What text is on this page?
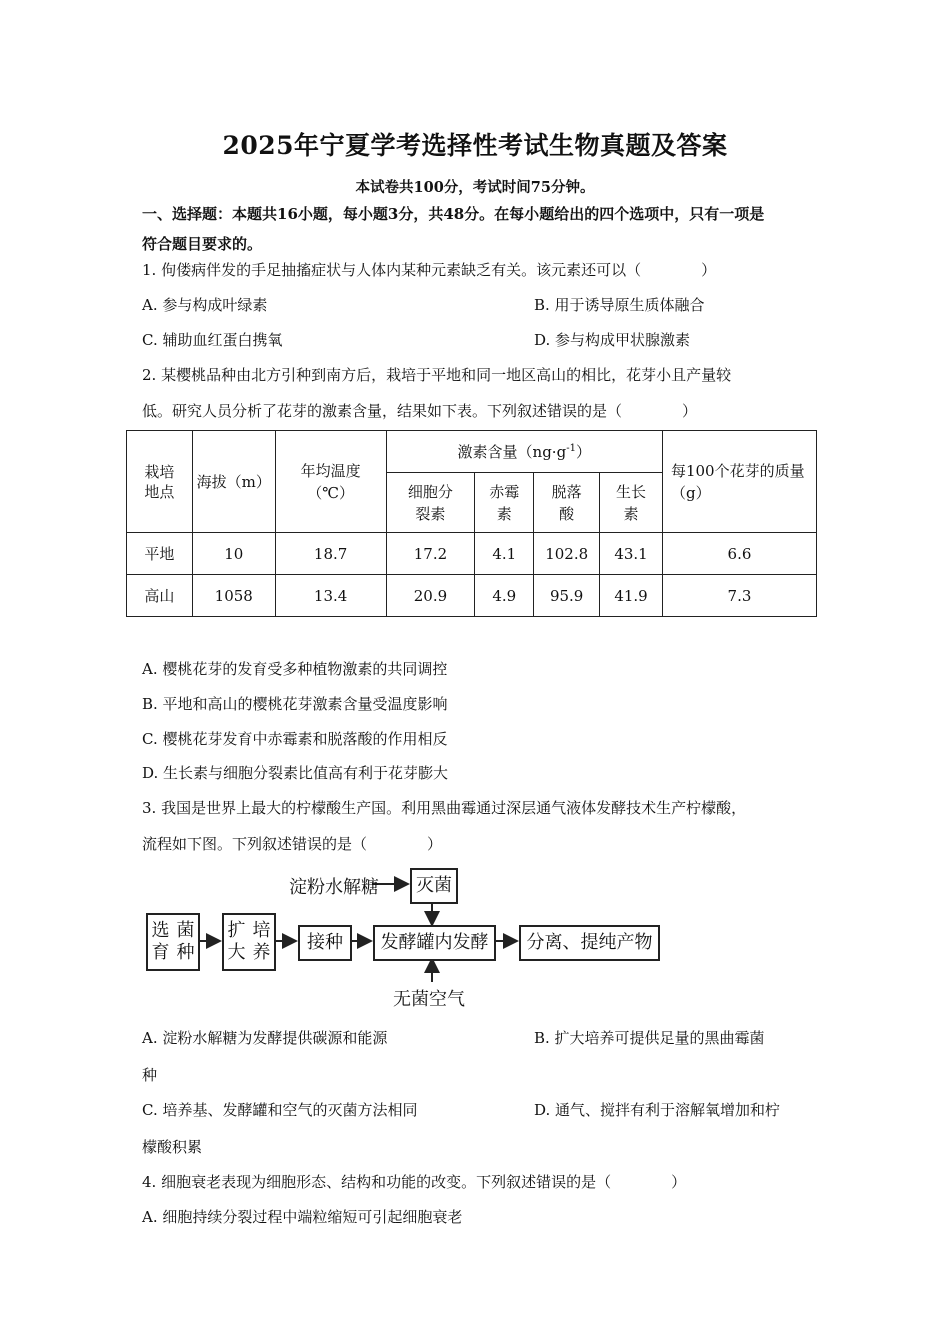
2025年宁夏学考选择性考试生物真题及答案
本试卷共100分，考试时间75分钟。
一、选择题：本题共16小题，每小题3分，共48分。在每小题给出的四个选项中，只有一项是
符合题目要求的。
1. 佝偻病伴发的手足抽搐症状与人体内某种元素缺乏有关。该元素还可以（　　　　）
A. 参与构成叶绿素	B. 用于诱导原生质体融合
C. 辅助血红蛋白携氧	D. 参与构成甲状腺激素
2. 某樱桃品种由北方引种到南方后，栽培于平地和同一地区高山的相比，花芽小且产量较
低。研究人员分析了花芽的激素含量，结果如下表。下列叙述错误的是（　　　　）
栽培地点	海拔（m）	年均温度（℃）	激素含量$(ng\cdot g^{-1})$				每100个花芽的质量（g）
			细胞分裂素	赤霉素	脱落酸	生长素	
平地	10	18.7	17.2	4.1	102.8	43.1	6.6
高山	1058	13.4	20.9	4.9	95.9	41.9	7.3
A. 樱桃花芽的发育受多种植物激素的共同调控
B. 平地和高山的樱桃花芽激素含量受温度影响
C. 樱桃花芽发育中赤霉素和脱落酸的作用相反
D. 生长素与细胞分裂素比值高有利于花芽膨大
3. 我国是世界上最大的柠檬酸生产国。利用黑曲霉通过深层通气液体发酵技术生产柠檬酸，
流程如下图。下列叙述错误的是（　　　　）
淀粉水解糖	灭菌
选育

菌种
扩大

培养	接种	发酵罐内发酵	分离、提纯产物
无菌空气
A. 淀粉水解糖为发酵提供碳源和能源	B. 扩大培养可提供足量的黑曲霉菌
种
C. 培养基、发酵罐和空气的灭菌方法相同	D. 通气、搅拌有利于溶解氧增加和柠
檬酸积累
4. 细胞衰老表现为细胞形态、结构和功能的改变。下列叙述错误的是（　　　　）
A. 细胞持续分裂过程中端粒缩短可引起细胞衰老
